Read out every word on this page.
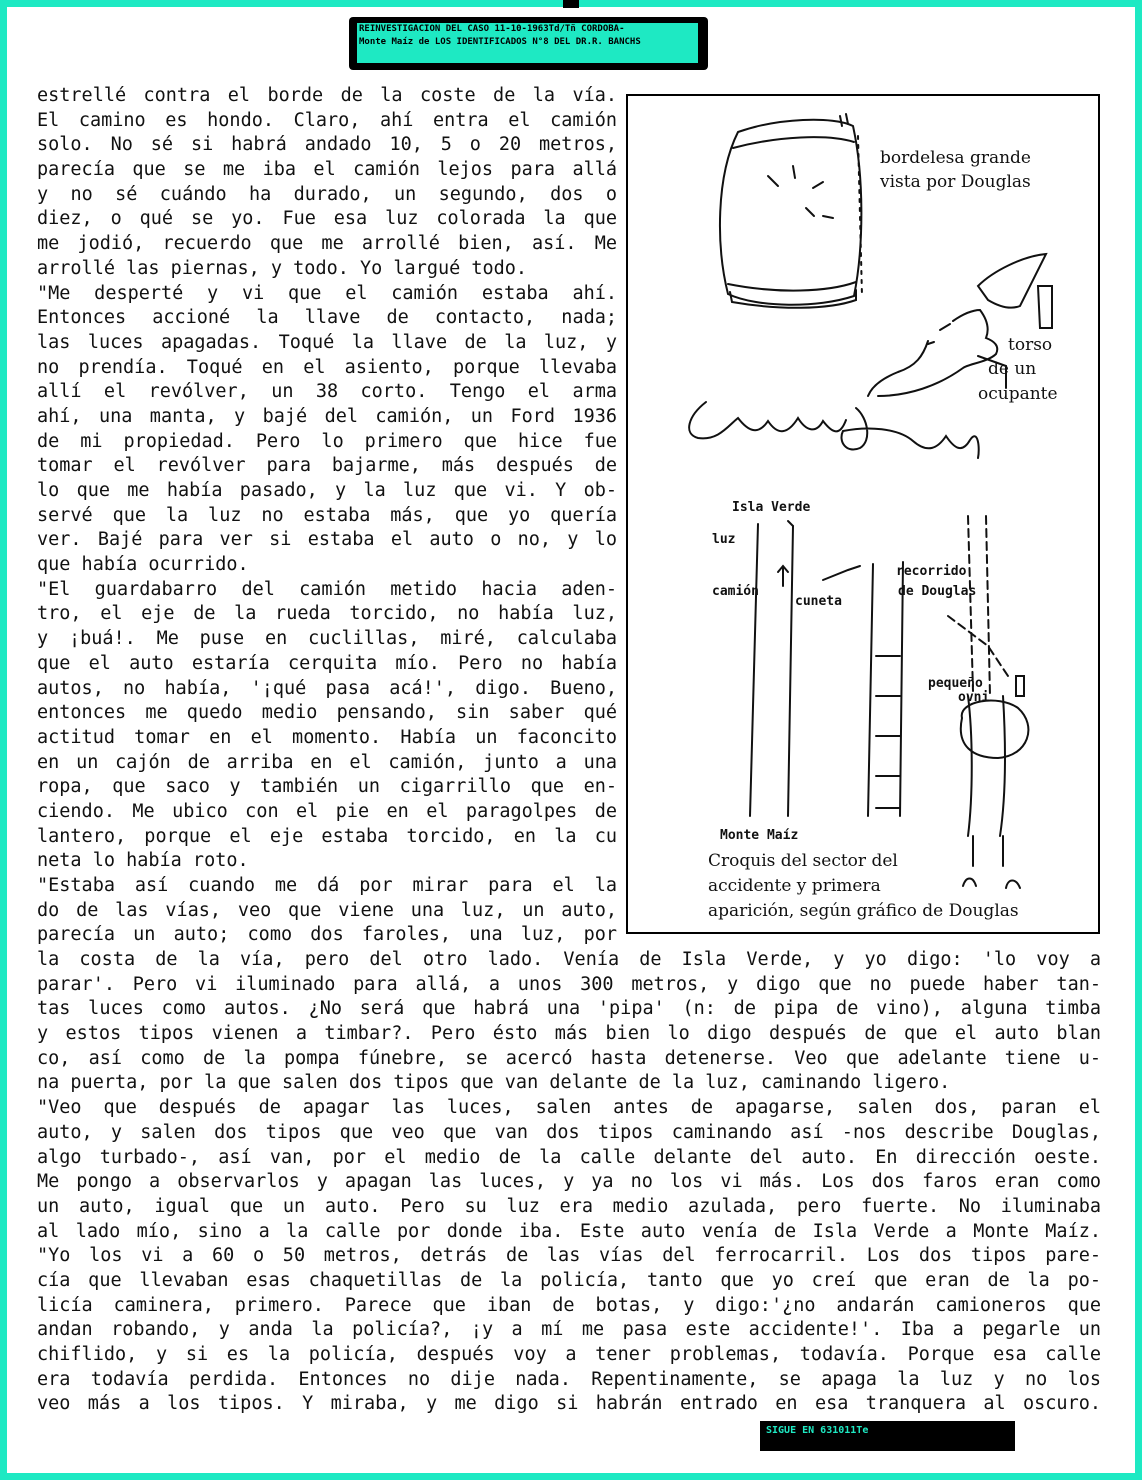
REINVESTIGACION DEL CASO 11-10-1963Td/Tñ CORDOBA-
Monte Maíz de LOS IDENTIFICADOS N°8 DEL DR.R. BANCHS
estrellé contra el borde de la coste de la vía.
El camino es hondo. Claro, ahí entra el camión
solo. No sé si habrá andado 10, 5 o 20 metros,
parecía que se me iba el camión lejos para allá
y no sé cuándo ha durado, un segundo, dos o
diez, o qué se yo. Fue esa luz colorada la que
me jodió, recuerdo que me arrollé bien, así. Me
arrollé las piernas, y todo. Yo largué todo.
"Me desperté y vi que el camión estaba ahí.
Entonces accioné la llave de contacto, nada;
las luces apagadas. Toqué la llave de la luz, y
no prendía. Toqué en el asiento, porque llevaba
allí el revólver, un 38 corto. Tengo el arma
ahí, una manta, y bajé del camión, un Ford 1936
de mi propiedad. Pero lo primero que hice fue
tomar el revólver para bajarme, más después de
lo que me había pasado, y la luz que vi. Y ob-
servé que la luz no estaba más, que yo quería
ver. Bajé para ver si estaba el auto o no, y lo
que había ocurrido.
"El guardabarro del camión metido hacia aden-
tro, el eje de la rueda torcido, no había luz,
y ¡buá!. Me puse en cuclillas, miré, calculaba
que el auto estaría cerquita mío. Pero no había
autos, no había, '¡qué pasa acá!', digo. Bueno,
entonces me quedo medio pensando, sin saber qué
actitud tomar en el momento. Había un faconcito
en un cajón de arriba en el camión, junto a una
ropa, que saco y también un cigarrillo que en-
ciendo. Me ubico con el pie en el paragolpes de
lantero, porque el eje estaba torcido, en la cu
neta lo había roto.
"Estaba así cuando me dá por mirar para el la
do de las vías, veo que viene una luz, un auto,
parecía un auto; como dos faroles, una luz, por
bordelesa grande
vista por Douglas
torso
de un
ocupante
Isla Verde
luz
camión
cuneta
recorrido
de Douglas
pequeño
ovni
Monte Maíz
Croquis del sector del
accidente y primera
aparición, según gráfico de Douglas
la costa de la vía, pero del otro lado. Venía de Isla Verde, y yo digo: 'lo voy a
parar'. Pero vi iluminado para allá, a unos 300 metros, y digo que no puede haber tan-
tas luces como autos. ¿No será que habrá una 'pipa' (n: de pipa de vino), alguna timba
y estos tipos vienen a timbar?. Pero ésto más bien lo digo después de que el auto blan
co, así como de la pompa fúnebre, se acercó hasta detenerse. Veo que adelante tiene u-
na puerta, por la que salen dos tipos que van delante de la luz, caminando ligero.
"Veo que después de apagar las luces, salen antes de apagarse, salen dos, paran el
auto, y salen dos tipos que veo que van dos tipos caminando así -nos describe Douglas,
algo turbado-, así van, por el medio de la calle delante del auto. En dirección oeste.
Me pongo a observarlos y apagan las luces, y ya no los vi más. Los dos faros eran como
un auto, igual que un auto. Pero su luz era medio azulada, pero fuerte. No iluminaba
al lado mío, sino a la calle por donde iba. Este auto venía de Isla Verde a Monte Maíz.
"Yo los vi a 60 o 50 metros, detrás de las vías del ferrocarril. Los dos tipos pare-
cía que llevaban esas chaquetillas de la policía, tanto que yo creí que eran de la po-
licía caminera, primero. Parece que iban de botas, y digo:'¿no andarán camioneros que
andan robando, y anda la policía?, ¡y a mí me pasa este accidente!'. Iba a pegarle un
chiflido, y si es la policía, después voy a tener problemas, todavía. Porque esa calle
era todavía perdida. Entonces no dije nada. Repentinamente, se apaga la luz y no los
veo más a los tipos. Y miraba, y me digo si habrán entrado en esa tranquera al oscuro.
SIGUE EN 631011Te
